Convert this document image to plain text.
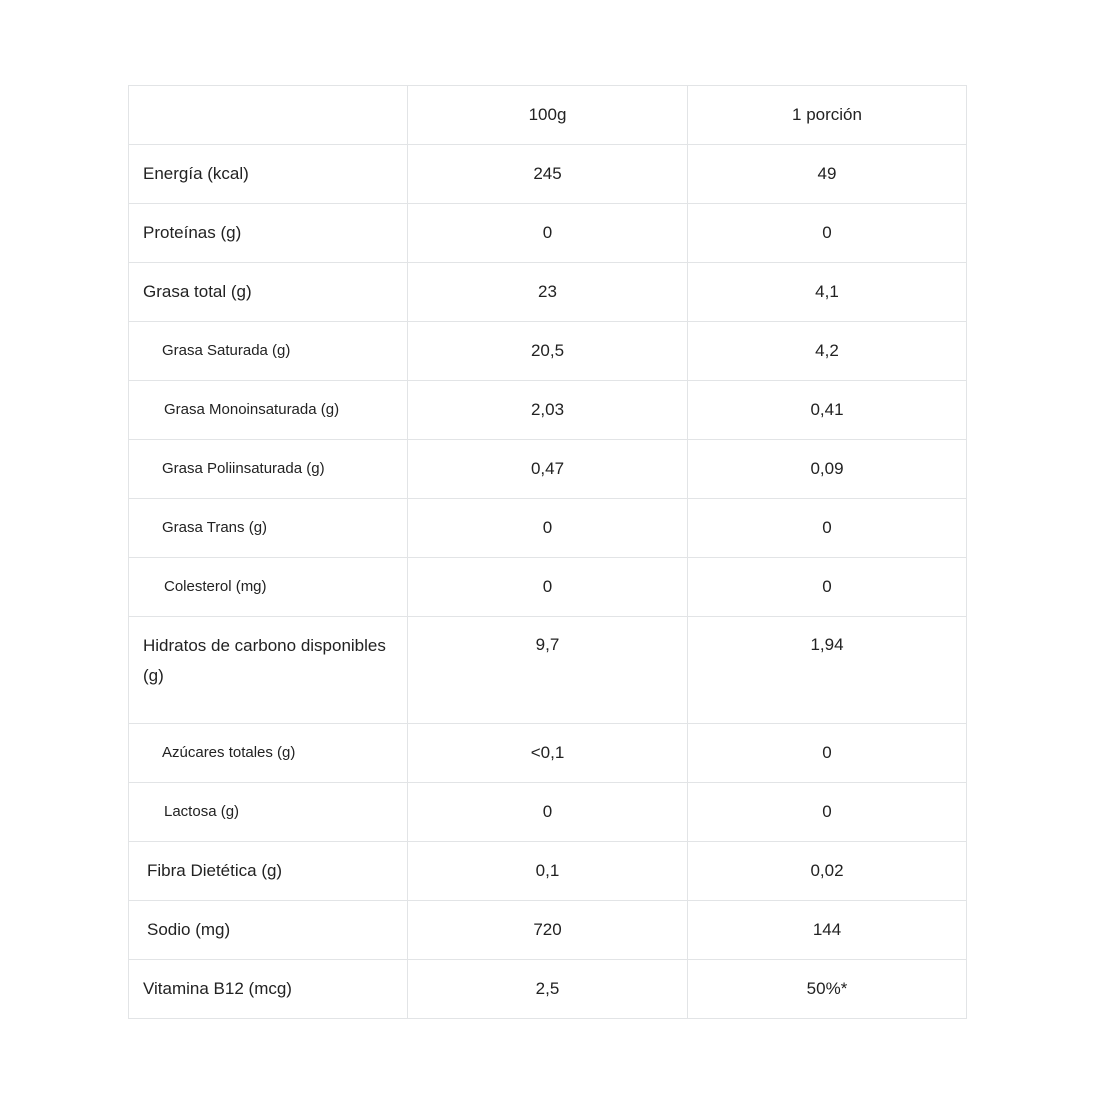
	100g	1 porción
Energía (kcal)	245	49
Proteínas (g)	0	0
Grasa total (g)	23	4,1
Grasa Saturada (g)	20,5	4,2
Grasa Monoinsaturada (g)	2,03	0,41
Grasa Poliinsaturada (g)	0,47	0,09
Grasa Trans (g)	0	0
Colesterol (mg)	0	0
Hidratos de carbono disponibles (g)	9,7	1,94
Azúcares totales (g)	<0,1	0
Lactosa (g)	0	0
Fibra Dietética (g)	0,1	0,02
Sodio (mg)	720	144
Vitamina B12 (mcg)	2,5	50%*
